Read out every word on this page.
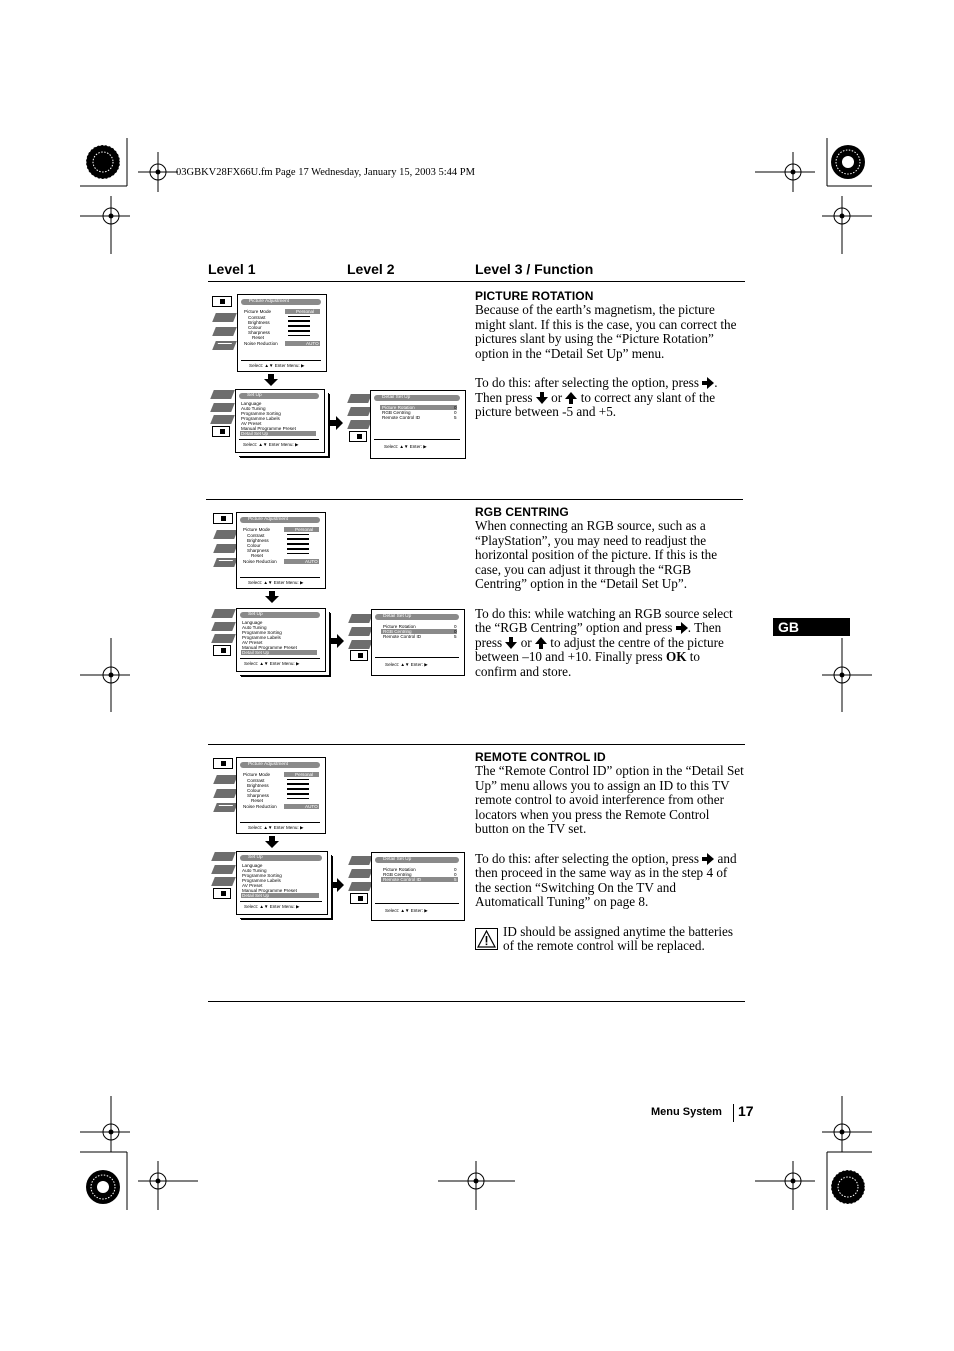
03GBKV28FX66U.fm Page 17 Wednesday, January 15, 2003 5:44 PM
Level 1	Level 2	Level 3 / Function
Picture Adjustment
Picture Mode	Personal
Contrast
Brightness
Colour
Sharpness
Reset
Noise Reduction	AUTO
Select: ▲▼ Enter Menu: ▶
Set Up
Language
Auto Tuning
Programme Sorting
Programme Labels
AV Preset
Manual Programme Preset
Detail Set Up
Select: ▲▼ Enter Menu: ▶
Detail Set Up
Picture Rotation	0
RGB Centring	0
Remote Control ID	5
Select: ▲▼ Enter: ▶
Picture Adjustment
Picture Mode	Personal
Contrast
Brightness
Colour
Sharpness
Reset
Noise Reduction	AUTO
Select: ▲▼ Enter Menu: ▶
Set Up
Language
Auto Tuning
Programme Sorting
Programme Labels
AV Preset
Manual Programme Preset
Detail Set Up
Select: ▲▼ Enter Menu: ▶
Detail Set Up
Picture Rotation	0
RGB Centring	0
Remote Control ID	5
Select: ▲▼ Enter: ▶
Picture Adjustment
Picture Mode	Personal
Contrast
Brightness
Colour
Sharpness
Reset
Noise Reduction	AUTO
Select: ▲▼ Enter Menu: ▶
Set Up
Language
Auto Tuning
Programme Sorting
Programme Labels
AV Preset
Manual Programme Preset
Detail Set Up
Select: ▲▼ Enter Menu: ▶
Detail Set Up
Picture Rotation	0
RGB Centring	0
Remote Control ID	5
Select: ▲▼ Enter: ▶
PICTURE ROTATION

Because of the earth’s magnetism, the picture might slant. If this is the case, you can correct the pictures slant by using the “Picture Rotation” option in the “Detail Set Up” menu.

To do this: after selecting the option, press . Then press or to correct any slant of the picture between -5 and +5.

RGB CENTRING

When connecting an RGB source, such as a “PlayStation”, you may need to readjust the horizontal position of the picture. If this is the case, you can adjust it through the “RGB Centring” option in the “Detail Set Up”.

To do this: while watching an RGB source select the “RGB Centring” option and press . Then press or to adjust the centre of the picture between –10 and +10. Finally press OK to confirm and store.

REMOTE CONTROL ID

The “Remote Control ID” option in the “Detail Set Up” menu allows you to assign an ID to this TV remote control to avoid interference from other locators when you press the Remote Control button on the TV set.

To do this: after selecting the option, press and then proceed in the same way as in the step 4 of the section “Switching On the TV and Automaticall Tuning” on page 8.

ID should be assigned anytime the batteries of the remote control will be replaced.
GB
Menu System 17
